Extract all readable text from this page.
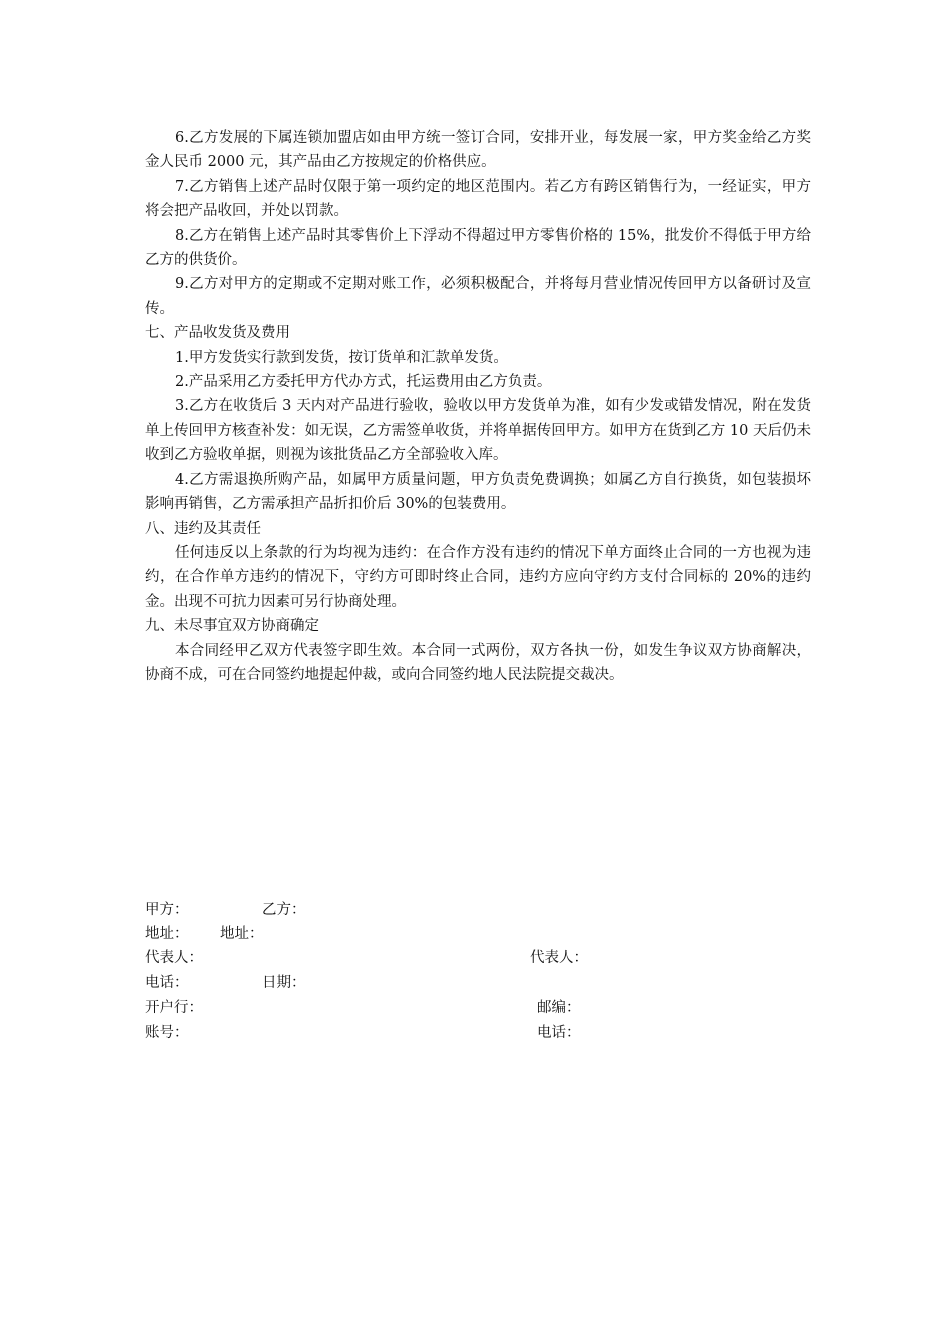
6.乙方发展的下属连锁加盟店如由甲方统一签订合同，安排开业，每发展一家，甲方奖金给乙方奖金人民币 2000 元，其产品由乙方按规定的价格供应。

7.乙方销售上述产品时仅限于第一项约定的地区范围内。若乙方有跨区销售行为，一经证实，甲方将会把产品收回，并处以罚款。

8.乙方在销售上述产品时其零售价上下浮动不得超过甲方零售价格的 15%，批发价不得低于甲方给乙方的供货价。

9.乙方对甲方的定期或不定期对账工作，必须积极配合，并将每月营业情况传回甲方以备研讨及宣传。

七、产品收发货及费用

1.甲方发货实行款到发货，按订货单和汇款单发货。

2.产品采用乙方委托甲方代办方式，托运费用由乙方负责。

3.乙方在收货后 3 天内对产品进行验收，验收以甲方发货单为准，如有少发或错发情况，附在发货单上传回甲方核查补发：如无误，乙方需签单收货，并将单据传回甲方。如甲方在货到乙方 10 天后仍未收到乙方验收单据，则视为该批货品乙方全部验收入库。

4.乙方需退换所购产品，如属甲方质量问题，甲方负责免费调换；如属乙方自行换货，如包装损坏影响再销售，乙方需承担产品折扣价后 30%的包装费用。

八、违约及其责任

任何违反以上条款的行为均视为违约：在合作方没有违约的情况下单方面终止合同的一方也视为违约，在合作单方违约的情况下，守约方可即时终止合同，违约方应向守约方支付合同标的 20%的违约金。出现不可抗力因素可另行协商处理。

九、未尽事宜双方协商确定

本合同经甲乙双方代表签字即生效。本合同一式两份，双方各执一份，如发生争议双方协商解决，协商不成，可在合同签约地提起仲裁，或向合同签约地人民法院提交裁决。

甲方：	乙方：
地址： 地址：
代表人：	代表人：
电话：	日期：
开户行：	邮编：
账号：	电话：
